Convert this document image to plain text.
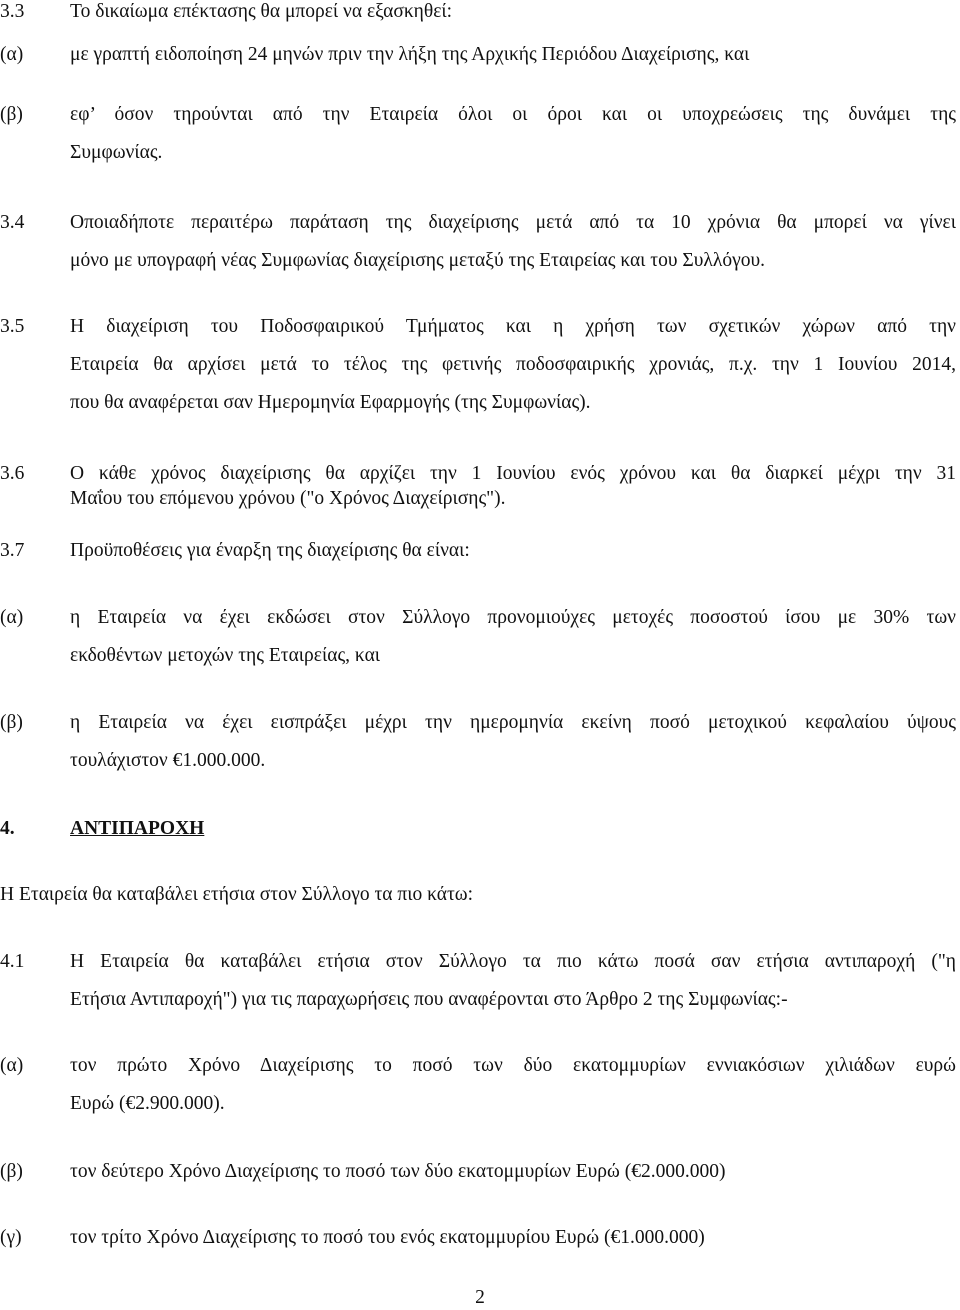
3.3	Το δικαίωμα επέκτασης θα μπορεί να εξασκηθεί:
(α)	με γραπτή ειδοποίηση 24 μηνών πριν την λήξη της Αρχικής Περιόδου Διαχείρισης, και
(β)	εφ’ όσον τηρούνται από την Εταιρεία όλοι οι όροι και οι υποχρεώσεις της δυνάμει της
Συμφωνίας.
3.4	Οποιαδήποτε περαιτέρω παράταση της διαχείρισης μετά από τα 10 χρόνια θα μπορεί να γίνει
μόνο με υπογραφή νέας Συμφωνίας διαχείρισης μεταξύ της Εταιρείας και του Συλλόγου.
3.5	Η διαχείριση του Ποδοσφαιρικού Τμήματος και η χρήση των σχετικών χώρων από την
Εταιρεία θα αρχίσει μετά το τέλος της φετινής ποδοσφαιρικής χρονιάς, π.χ. την 1 Ιουνίου 2014,
που θα αναφέρεται σαν Ημερομηνία Εφαρμογής (της Συμφωνίας).
3.6	Ο κάθε χρόνος διαχείρισης θα αρχίζει την 1 Ιουνίου ενός χρόνου και θα διαρκεί μέχρι την 31
Μαΐου του επόμενου χρόνου ("ο Χρόνος Διαχείρισης").
3.7	Προϋποθέσεις για έναρξη της διαχείρισης θα είναι:
(α)	η Εταιρεία να έχει εκδώσει στον Σύλλογο προνομιούχες μετοχές ποσοστού ίσου με 30% των
εκδοθέντων μετοχών της Εταιρείας, και
(β)	η Εταιρεία να έχει εισπράξει μέχρι την ημερομηνία εκείνη ποσό μετοχικού κεφαλαίου ύψους
τουλάχιστον €1.000.000.
4.	ΑΝΤΙΠΑΡΟΧΗ
Η Εταιρεία θα καταβάλει ετήσια στον Σύλλογο τα πιο κάτω:
4.1	Η Εταιρεία θα καταβάλει ετήσια στον Σύλλογο τα πιο κάτω ποσά σαν ετήσια αντιπαροχή ("η
Ετήσια Αντιπαροχή") για τις παραχωρήσεις που αναφέρονται στο Άρθρο 2 της Συμφωνίας:-
(α)	τον πρώτο Χρόνο Διαχείρισης το ποσό των δύο εκατομμυρίων εννιακόσιων χιλιάδων ευρώ
Ευρώ (€2.900.000).
(β)	τον δεύτερο Χρόνο Διαχείρισης το ποσό των δύο εκατομμυρίων Ευρώ (€2.000.000)
(γ)	τον τρίτο Χρόνο Διαχείρισης το ποσό του ενός εκατομμυρίου Ευρώ (€1.000.000)
2
